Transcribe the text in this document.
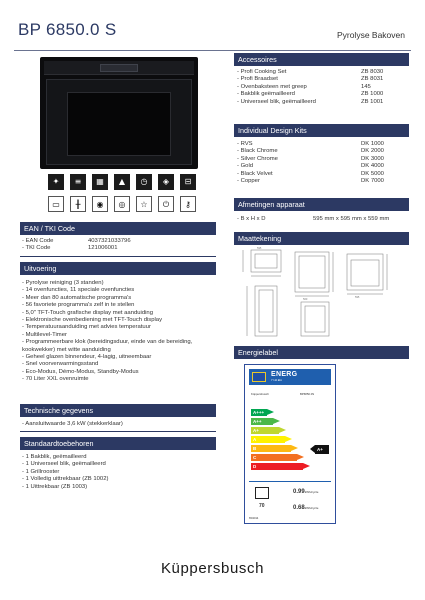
BP 6850.0 S	Pyrolyse Bakoven
✦	≡	▦	▲	◷	◈	⊟
▭	╫	◉	◎	☆	⏻	⚷
EAN / TKI Code
- EAN Code	4037321033796
- TKI Code	121006001
Uitvoering
- Pyrolyse reiniging (3 standen)
- 14 ovenfuncties, 11 speciale ovenfuncties
- Meer dan 80 automatische programma's
- 56 favoriete programma's zelf in te stellen
- 5,0" TFT-Touch grafische display met aanduiding
- Elektronische ovenbediening met TFT-Touch display
- Temperatuuraanduiding met advies temperatuur
- Multilevel-Timer
- Programmeerbare klok (bereidingsduur, einde van de bereiding, kookwekker) met witte aanduiding
- Geheel glazen binnendeur, 4-lagig, uitneembaar
- Snel voorverwarmingsstand
- Eco-Modus, Démo-Modus, Standby-Modus
- 70 Liter XXL ovenruimte
Technische gegevens
- Aansluitwaarde 3,6 kW (stekkerklaar)
Standaardtoebehoren
- 1 Bakblik, geëmailleerd
- 1 Universeel blik, geëmailleerd
- 1 Grillrooster
- 1 Volledig uittrekbaar (ZB 1002)
- 1 Uittrekbaar (ZB 1003)
Accessoires
- Profi Cooking Set	ZB 8030
- Profi Braadset	ZB 8031
- Ovenbaksteen met greep	145
- Bakblik geëmailleerd	ZB 1000
- Universeel blik, geëmailleerd	ZB 1001
Individual Design Kits
- RVS	DK 1000
- Black Chrome	DK 2000
- Silver Chrome	DK 3000
- Gold	DK 4000
- Black Velvet	DK 5000
- Copper	DK 7000
Afmetingen apparaat
- B x H x D	595 mm x 595 mm x 559 mm
Maattekening
595
560
595
Energielabel
ENERG
Y IJA EIA
Küppersbusch	BP6850.0S
A+++
A++
A+
A
B
C
D
A+
70
0.99kWh/cycle
0.68kWh/cycle
65/2014
Küppersbusch
